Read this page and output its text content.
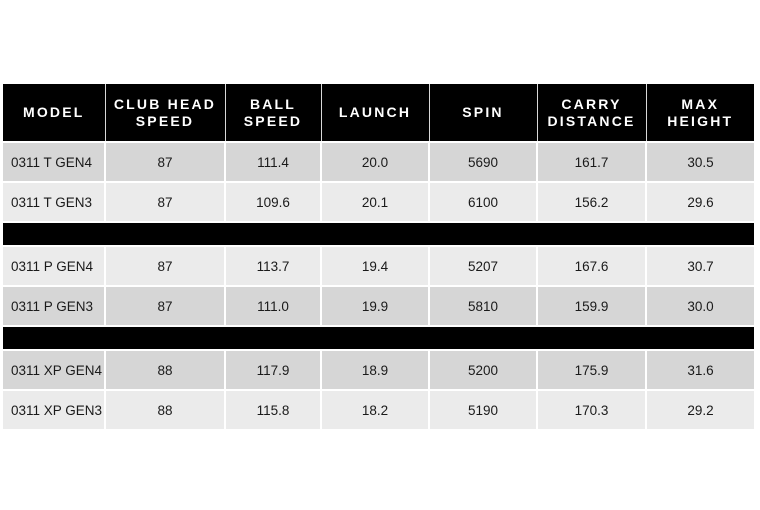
MODEL	CLUB HEAD SPEED	BALL SPEED	LAUNCH	SPIN	CARRY DISTANCE	MAX HEIGHT
0311 T GEN4	87	111.4	20.0	5690	161.7	30.5
0311 T GEN3	87	109.6	20.1	6100	156.2	29.6

0311 P GEN4	87	113.7	19.4	5207	167.6	30.7
0311 P GEN3	87	111.0	19.9	5810	159.9	30.0

0311 XP GEN4	88	117.9	18.9	5200	175.9	31.6
0311 XP GEN3	88	115.8	18.2	5190	170.3	29.2
